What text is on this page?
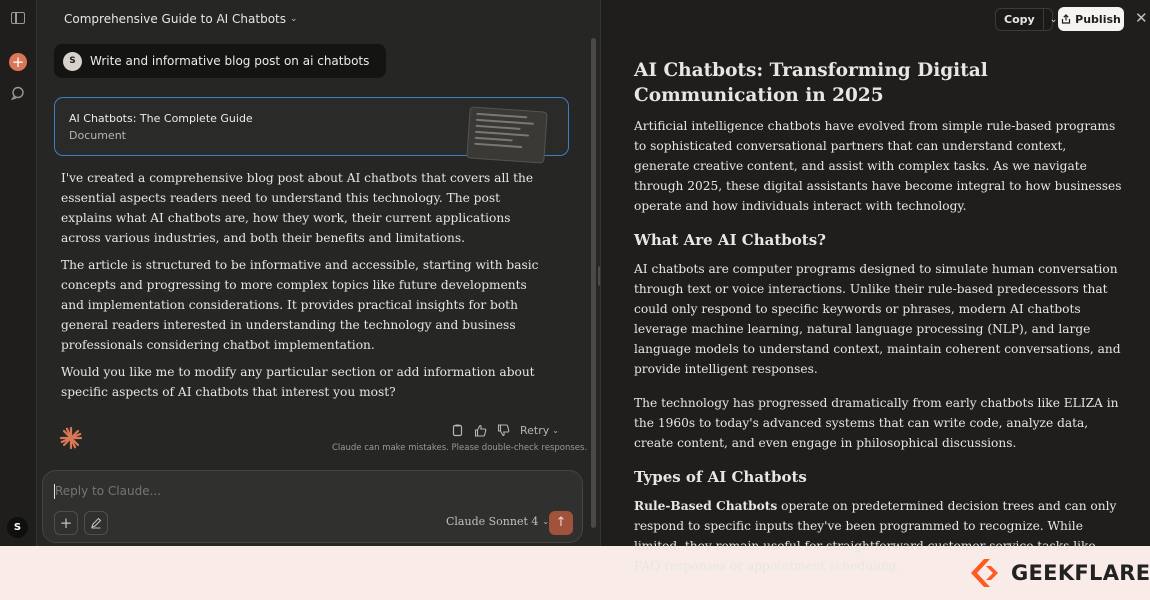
+
S
Comprehensive Guide to AI Chatbots ⌄
S	Write and informative blog post on ai chatbots
AI Chatbots: The Complete Guide
Document

I've created a comprehensive blog post about AI chatbots that covers all the essential aspects readers need to understand this technology. The post explains what AI chatbots are, how they work, their current applications across various industries, and both their benefits and limitations.

The article is structured to be informative and accessible, starting with basic concepts and progressing to more complex topics like future developments and implementation considerations. It provides practical insights for both general readers interested in understanding the technology and business professionals considering chatbot implementation.

Would you like me to modify any particular section or add information about specific aspects of AI chatbots that interest you most?

Retry ⌄
Claude can make mistakes. Please double-check responses.
Reply to Claude...
+	Claude Sonnet 4 ⌄ ↑
Copy	⌄ Publish ✕
AI Chatbots: Transforming Digital Communication in 2025

Artificial intelligence chatbots have evolved from simple rule-based programs to sophisticated conversational partners that can understand context, generate creative content, and assist with complex tasks. As we navigate through 2025, these digital assistants have become integral to how businesses operate and how individuals interact with technology.

What Are AI Chatbots?

AI chatbots are computer programs designed to simulate human conversation through text or voice interactions. Unlike their rule-based predecessors that could only respond to specific keywords or phrases, modern AI chatbots leverage machine learning, natural language processing (NLP), and large language models to understand context, maintain coherent conversations, and provide intelligent responses.

The technology has progressed dramatically from early chatbots like ELIZA in the 1960s to today's advanced systems that can write code, analyze data, create content, and even engage in philosophical discussions.

Types of AI Chatbots

Rule-Based Chatbots operate on predetermined decision trees and can only respond to specific inputs they've been programmed to recognize. While limited, they remain useful for straightforward customer service tasks like FAQ responses or appointment scheduling.	GEEKFLARE
